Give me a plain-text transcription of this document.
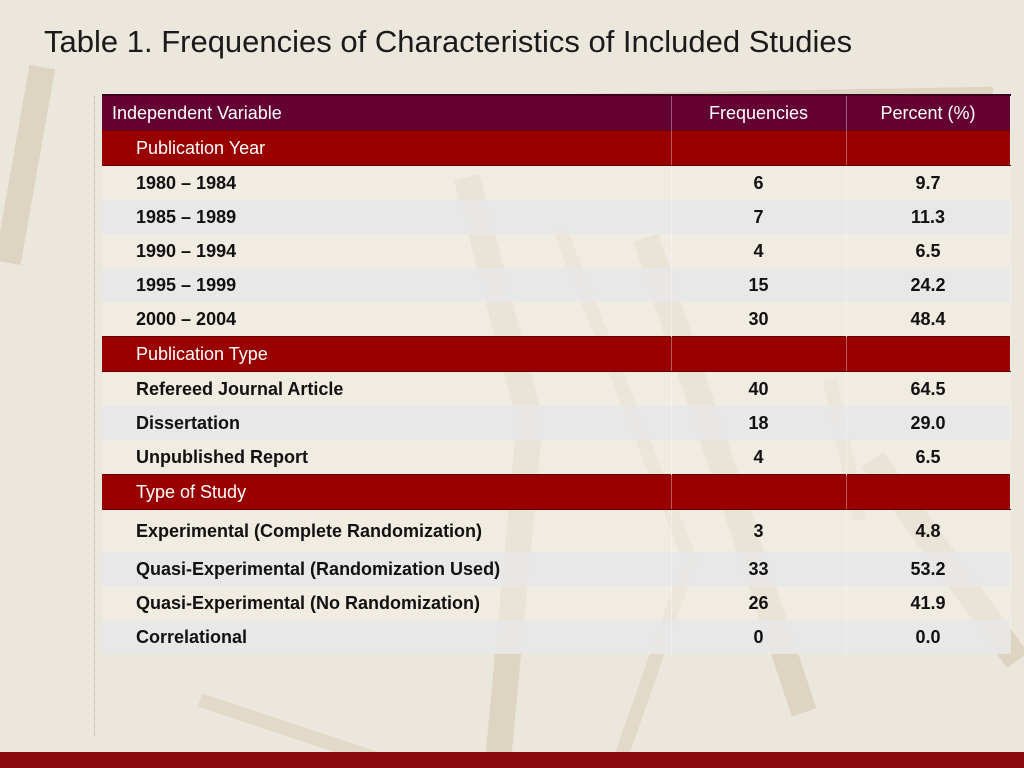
Table 1. Frequencies of Characteristics of Included Studies
Independent Variable	Frequencies	Percent (%)
Publication Year		
1980 – 1984	6	9.7
1985 – 1989	7	11.3
1990 – 1994	4	6.5
1995 – 1999	15	24.2
2000 – 2004	30	48.4
Publication Type		
Refereed Journal Article	40	64.5
Dissertation	18	29.0
Unpublished Report	4	6.5
Type of Study		
Experimental (Complete Randomization)	3	4.8
Quasi-Experimental (Randomization Used)	33	53.2
Quasi-Experimental (No Randomization)	26	41.9
Correlational	0	0.0
